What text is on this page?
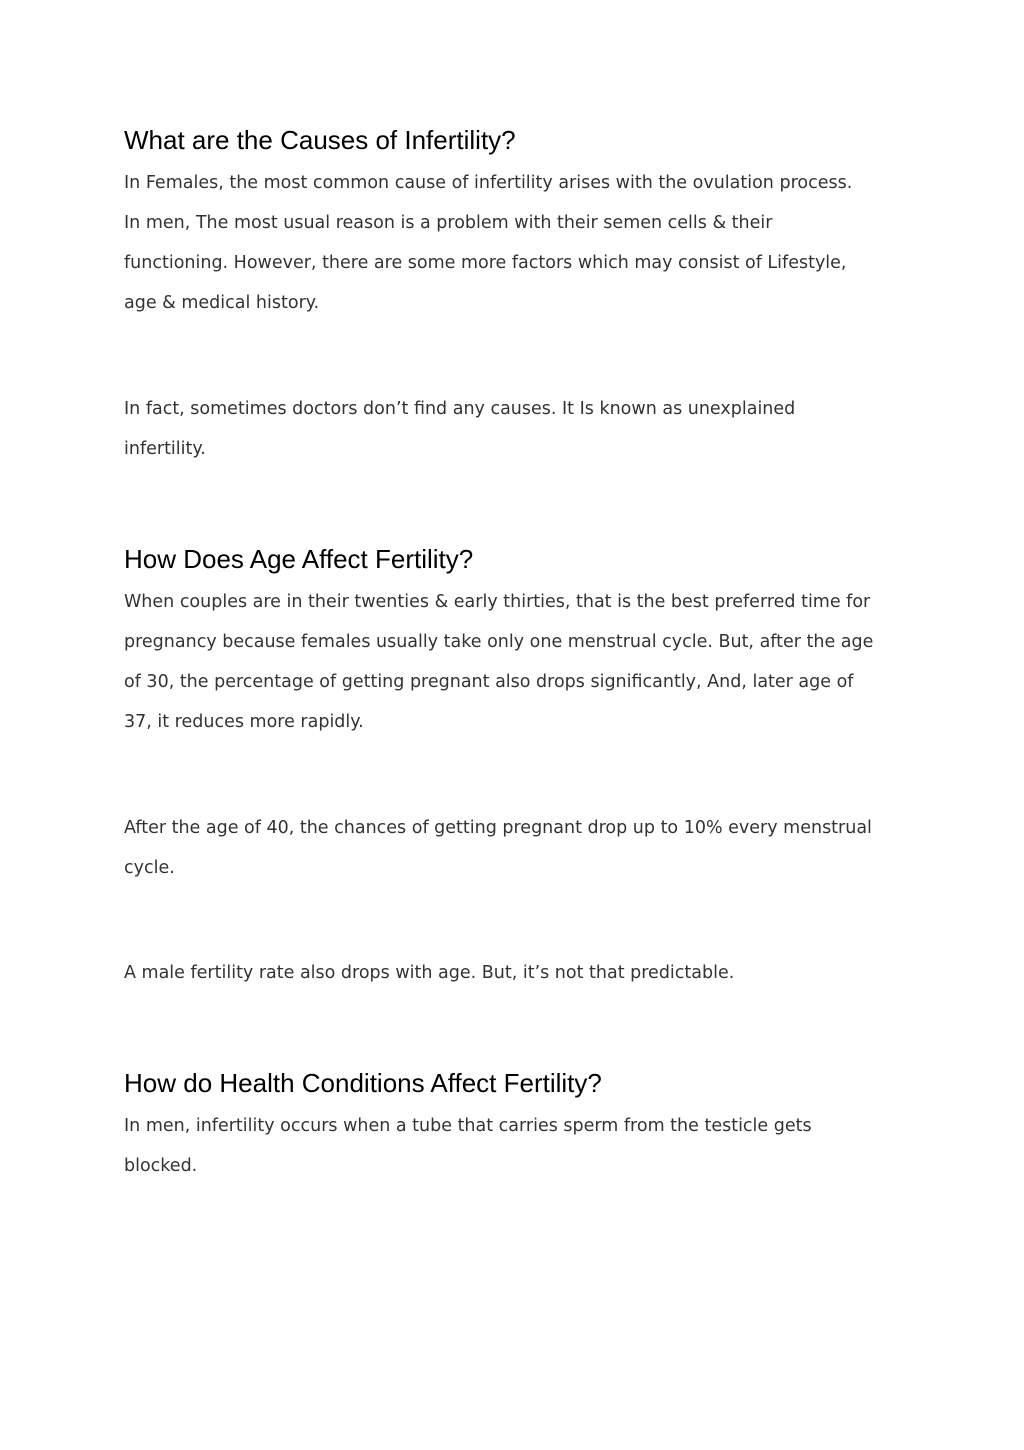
What are the Causes of Infertility?

In Females, the most common cause of infertility arises with the ovulation process.
In men, The most usual reason is a problem with their semen cells & their
functioning. However, there are some more factors which may consist of Lifestyle,
age & medical history.

In fact, sometimes doctors don’t find any causes. It Is known as unexplained
infertility.

How Does Age Affect Fertility?

When couples are in their twenties & early thirties, that is the best preferred time for
pregnancy because females usually take only one menstrual cycle. But, after the age
of 30, the percentage of getting pregnant also drops significantly, And, later age of
37, it reduces more rapidly.

After the age of 40, the chances of getting pregnant drop up to 10% every menstrual
cycle.

A male fertility rate also drops with age. But, it’s not that predictable.

How do Health Conditions Affect Fertility?

In men, infertility occurs when a tube that carries sperm from the testicle gets
blocked.
